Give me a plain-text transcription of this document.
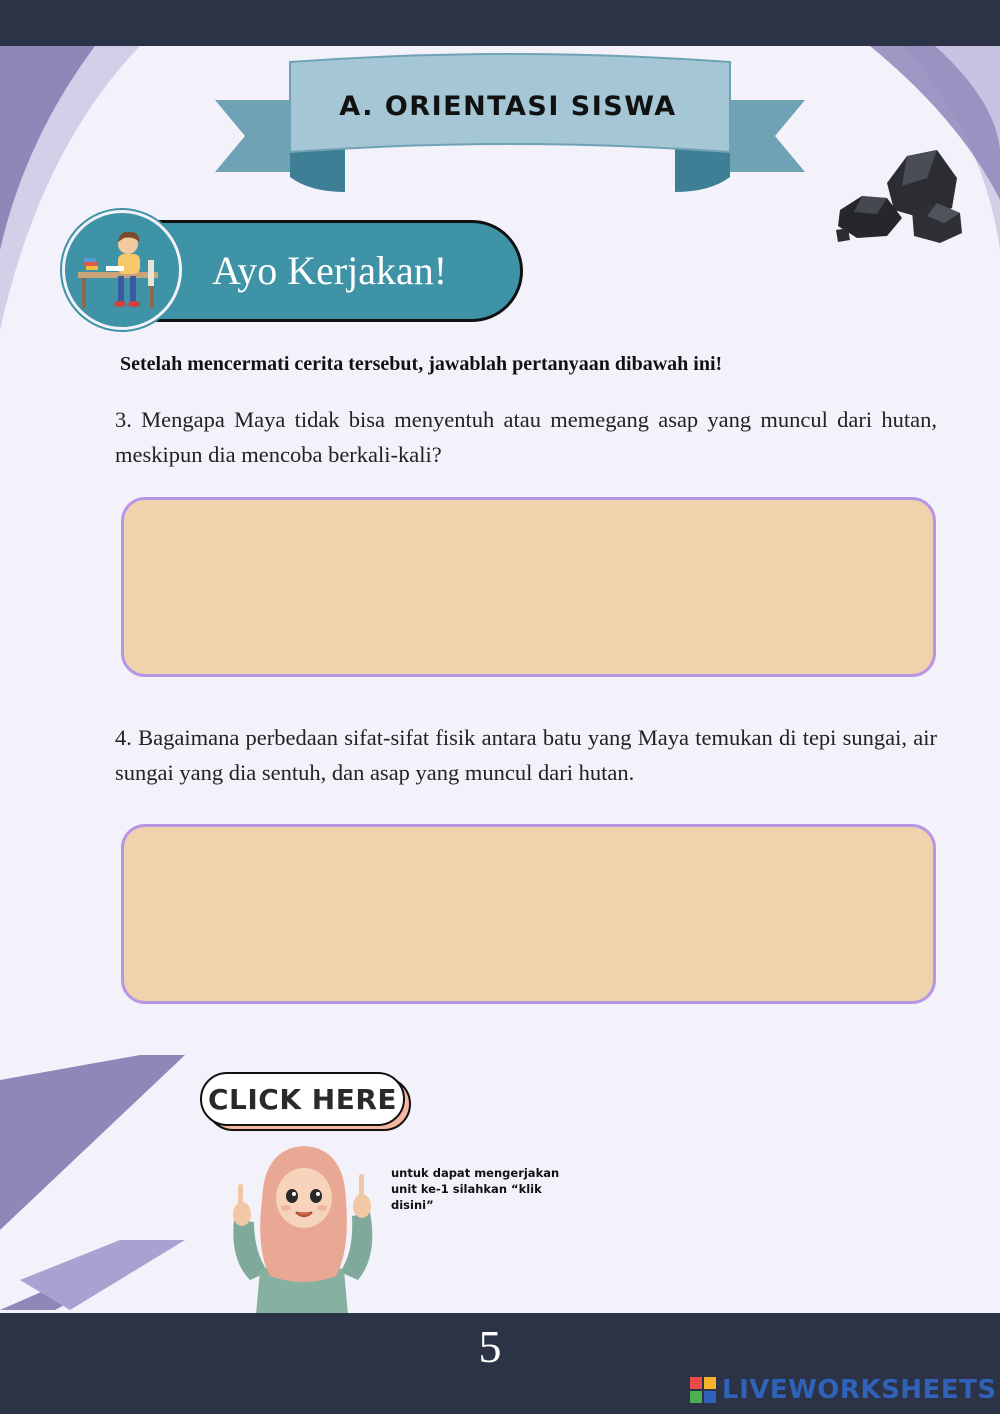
A. ORIENTASI SISWA
Ayo Kerjakan!
Setelah mencermati cerita tersebut, jawablah pertanyaan dibawah ini!
3. Mengapa Maya tidak bisa menyentuh atau memegang asap yang muncul dari hutan, meskipun dia mencoba berkali-kali?
4. Bagaimana perbedaan sifat-sifat fisik antara batu yang Maya temukan di tepi sungai, air sungai yang dia sentuh, dan asap yang muncul dari hutan.
CLICK HERE
untuk dapat mengerjakan unit ke-1 silahkan “klik disini”
5
LIVEWORKSHEETS
